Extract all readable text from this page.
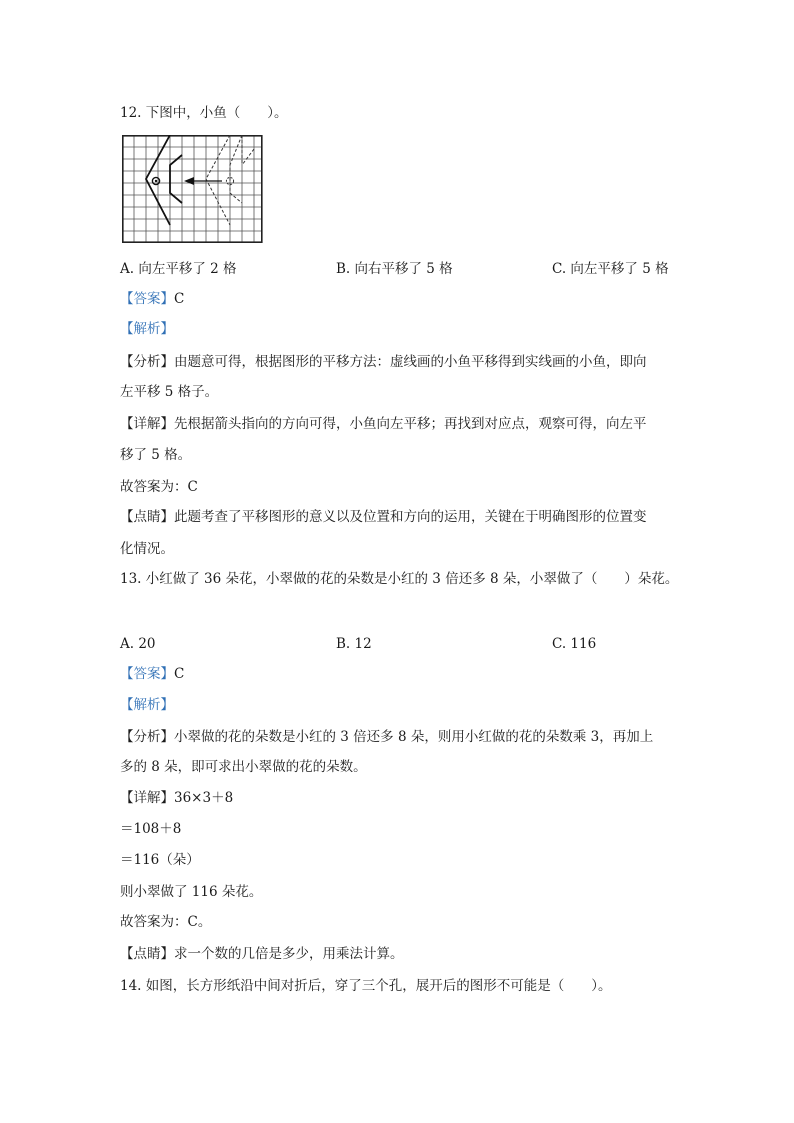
12. 下图中，小鱼（　　）。
A. 向左平移了 2 格	B. 向右平移了 5 格	C. 向左平移了 5 格
【答案】C
【解析】
【分析】由题意可得，根据图形的平移方法：虚线画的小鱼平移得到实线画的小鱼，即向
左平移 5 格子。
【详解】先根据箭头指向的方向可得，小鱼向左平移；再找到对应点，观察可得，向左平
移了 5 格。
故答案为：C
【点睛】此题考查了平移图形的意义以及位置和方向的运用，关键在于明确图形的位置变
化情况。
13. 小红做了 36 朵花，小翠做的花的朵数是小红的 3 倍还多 8 朵，小翠做了（　　）朵花。
A. 20	B. 12	C. 116
【答案】C
【解析】
【分析】小翠做的花的朵数是小红的 3 倍还多 8 朵，则用小红做的花的朵数乘 3，再加上
多的 8 朵，即可求出小翠做的花的朵数。
【详解】36×3＋8
＝108＋8
＝116（朵）
则小翠做了 116 朵花。
故答案为：C。
【点睛】求一个数的几倍是多少，用乘法计算。
14. 如图，长方形纸沿中间对折后，穿了三个孔，展开后的图形不可能是（　　）。
